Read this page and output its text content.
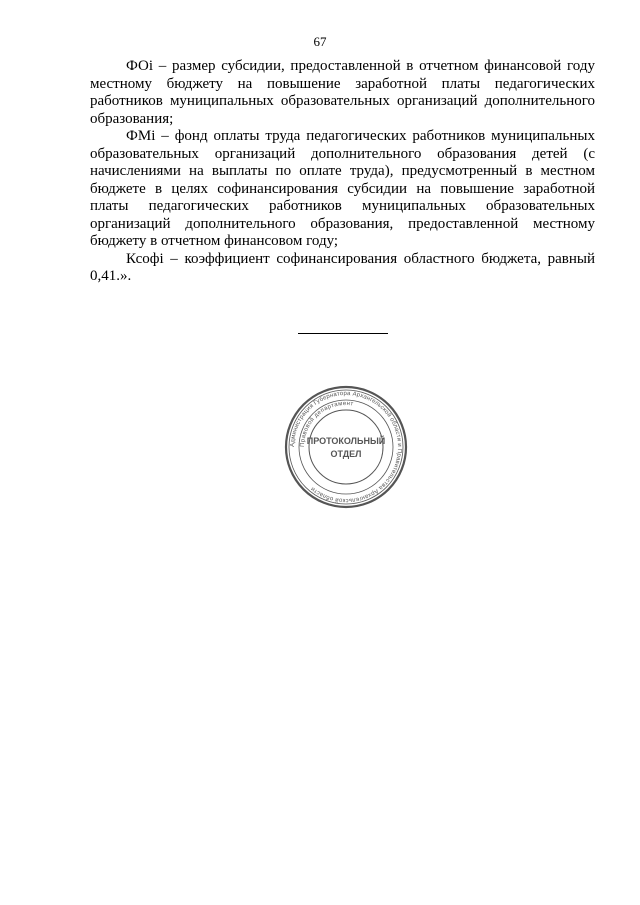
67

ФОi – размер субсидии, предоставленной в отчетном финансовой году местному бюджету на повышение заработной платы педагогических работников муниципальных образовательных организаций дополнительного образования;

ФМi – фонд оплаты труда педагогических работников муниципальных образовательных организаций дополнительного образования детей (с начислениями на выплаты по оплате труда), предусмотренный в местном бюджете в целях софинансирования субсидии на повышение заработной платы педагогических работников муниципальных образовательных организаций дополнительного образования, предоставленной местному бюджету в отчетном финансовом году;

Ксофi – коэффициент софинансирования областного бюджета, равный 0,41.».

Администрация Губернатора Архангельской области и Правительства Архангельской области
Правовой департамент
ПРОТОКОЛЬНЫЙ
ОТДЕЛ
